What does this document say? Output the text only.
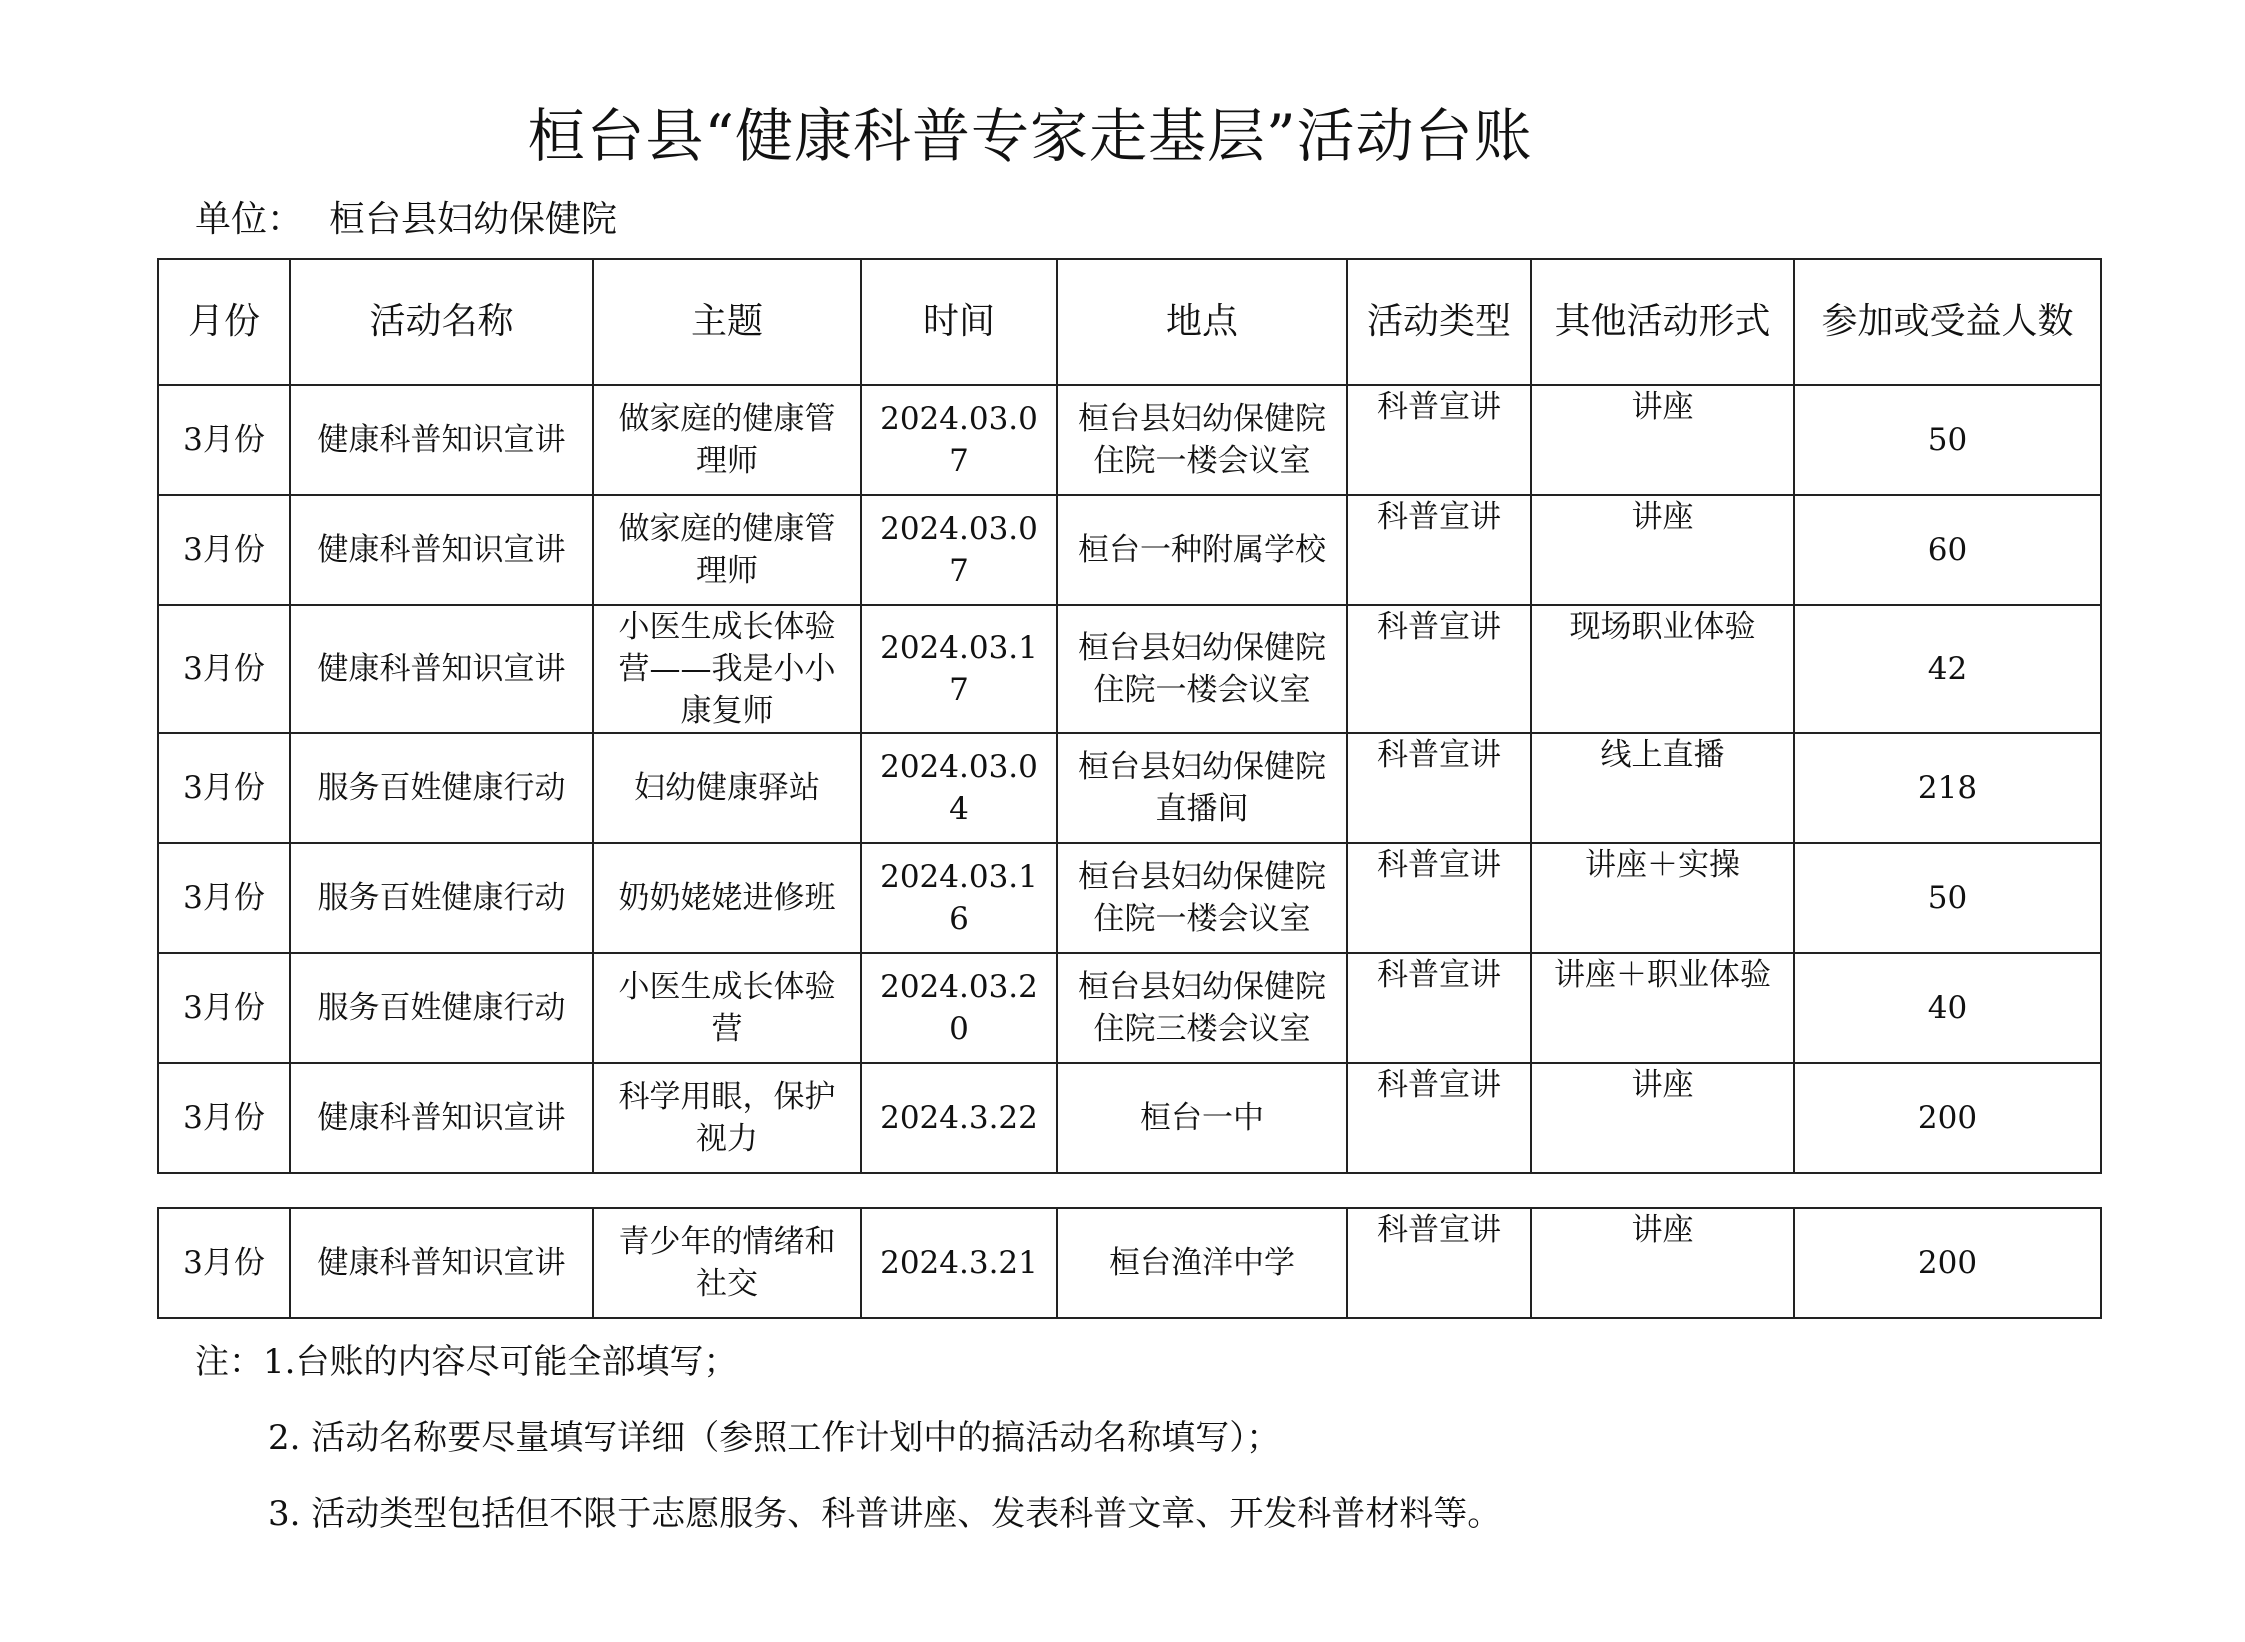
桓台县“健康科普专家走基层”活动台账
单位： 桓台县妇幼保健院
月份	活动名称	主题	时间	地点	活动类型	其他活动形式	参加或受益人数
3月份	健康科普知识宣讲	做家庭的健康管理师	2024.03.07	桓台县妇幼保健院住院一楼会议室	科普宣讲	讲座	50
3月份	健康科普知识宣讲	做家庭的健康管理师	2024.03.07	桓台一种附属学校	科普宣讲	讲座	60
3月份	健康科普知识宣讲	小医生成长体验营——我是小小康复师	2024.03.17	桓台县妇幼保健院住院一楼会议室	科普宣讲	现场职业体验	42
3月份	服务百姓健康行动	妇幼健康驿站	2024.03.04	桓台县妇幼保健院直播间	科普宣讲	线上直播	218
3月份	服务百姓健康行动	奶奶姥姥进修班	2024.03.16	桓台县妇幼保健院住院一楼会议室	科普宣讲	讲座＋实操	50
3月份	服务百姓健康行动	小医生成长体验营	2024.03.20	桓台县妇幼保健院住院三楼会议室	科普宣讲	讲座＋职业体验	40
3月份	健康科普知识宣讲	科学用眼，保护视力	2024.3.22	桓台一中	科普宣讲	讲座	200
3月份	健康科普知识宣讲	青少年的情绪和社交	2024.3.21	桓台渔洋中学	科普宣讲	讲座	200
注：1.台账的内容尽可能全部填写；
2. 活动名称要尽量填写详细（参照工作计划中的搞活动名称填写）；
3. 活动类型包括但不限于志愿服务、科普讲座、发表科普文章、开发科普材料等。
